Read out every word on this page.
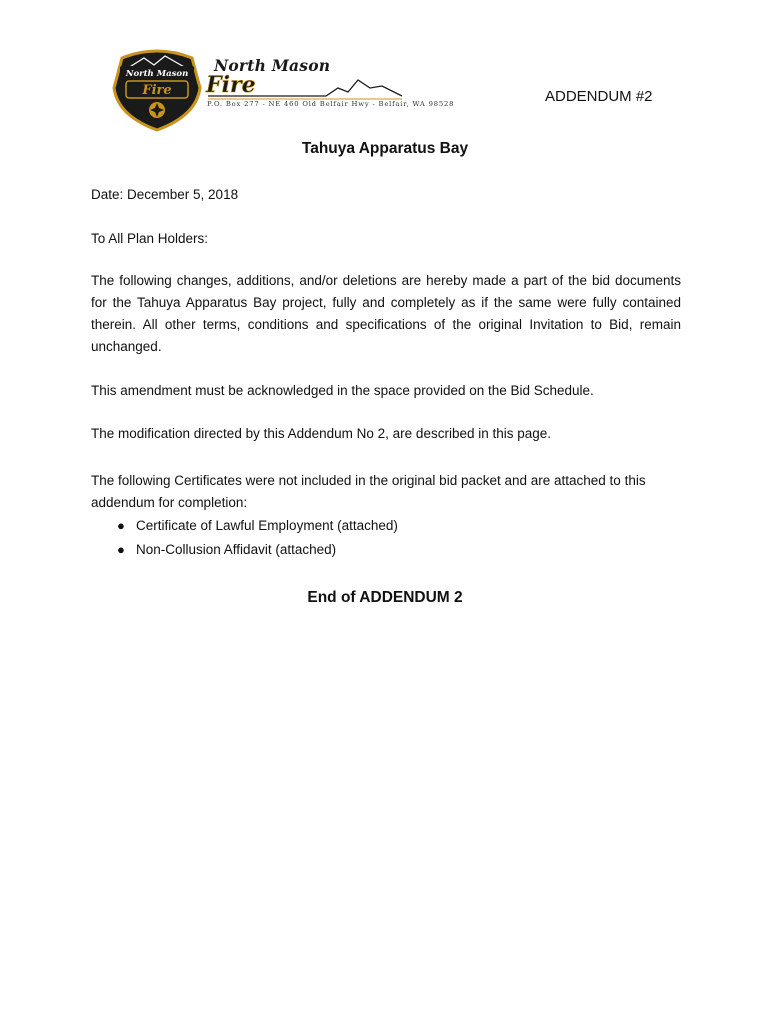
North Mason
Fire
North Mason
Fire
P.O. Box 277 - NE 460 Old Belfair Hwy - Belfair, WA 98528	ADDENDUM #2
Tahuya Apparatus Bay
Date: December 5, 2018
To All Plan Holders:
The following changes, additions, and/or deletions are hereby made a part of the bid documents for the Tahuya Apparatus Bay project, fully and completely as if the same were fully contained therein. All other terms, conditions and specifications of the original Invitation to Bid, remain unchanged.
This amendment must be acknowledged in the space provided on the Bid Schedule.
The modification directed by this Addendum No 2, are described in this page.
The following Certificates were not included in the original bid packet and are attached to this addendum for completion:
● Certificate of Lawful Employment (attached)
● Non-Collusion Affidavit (attached)
End of ADDENDUM 2
